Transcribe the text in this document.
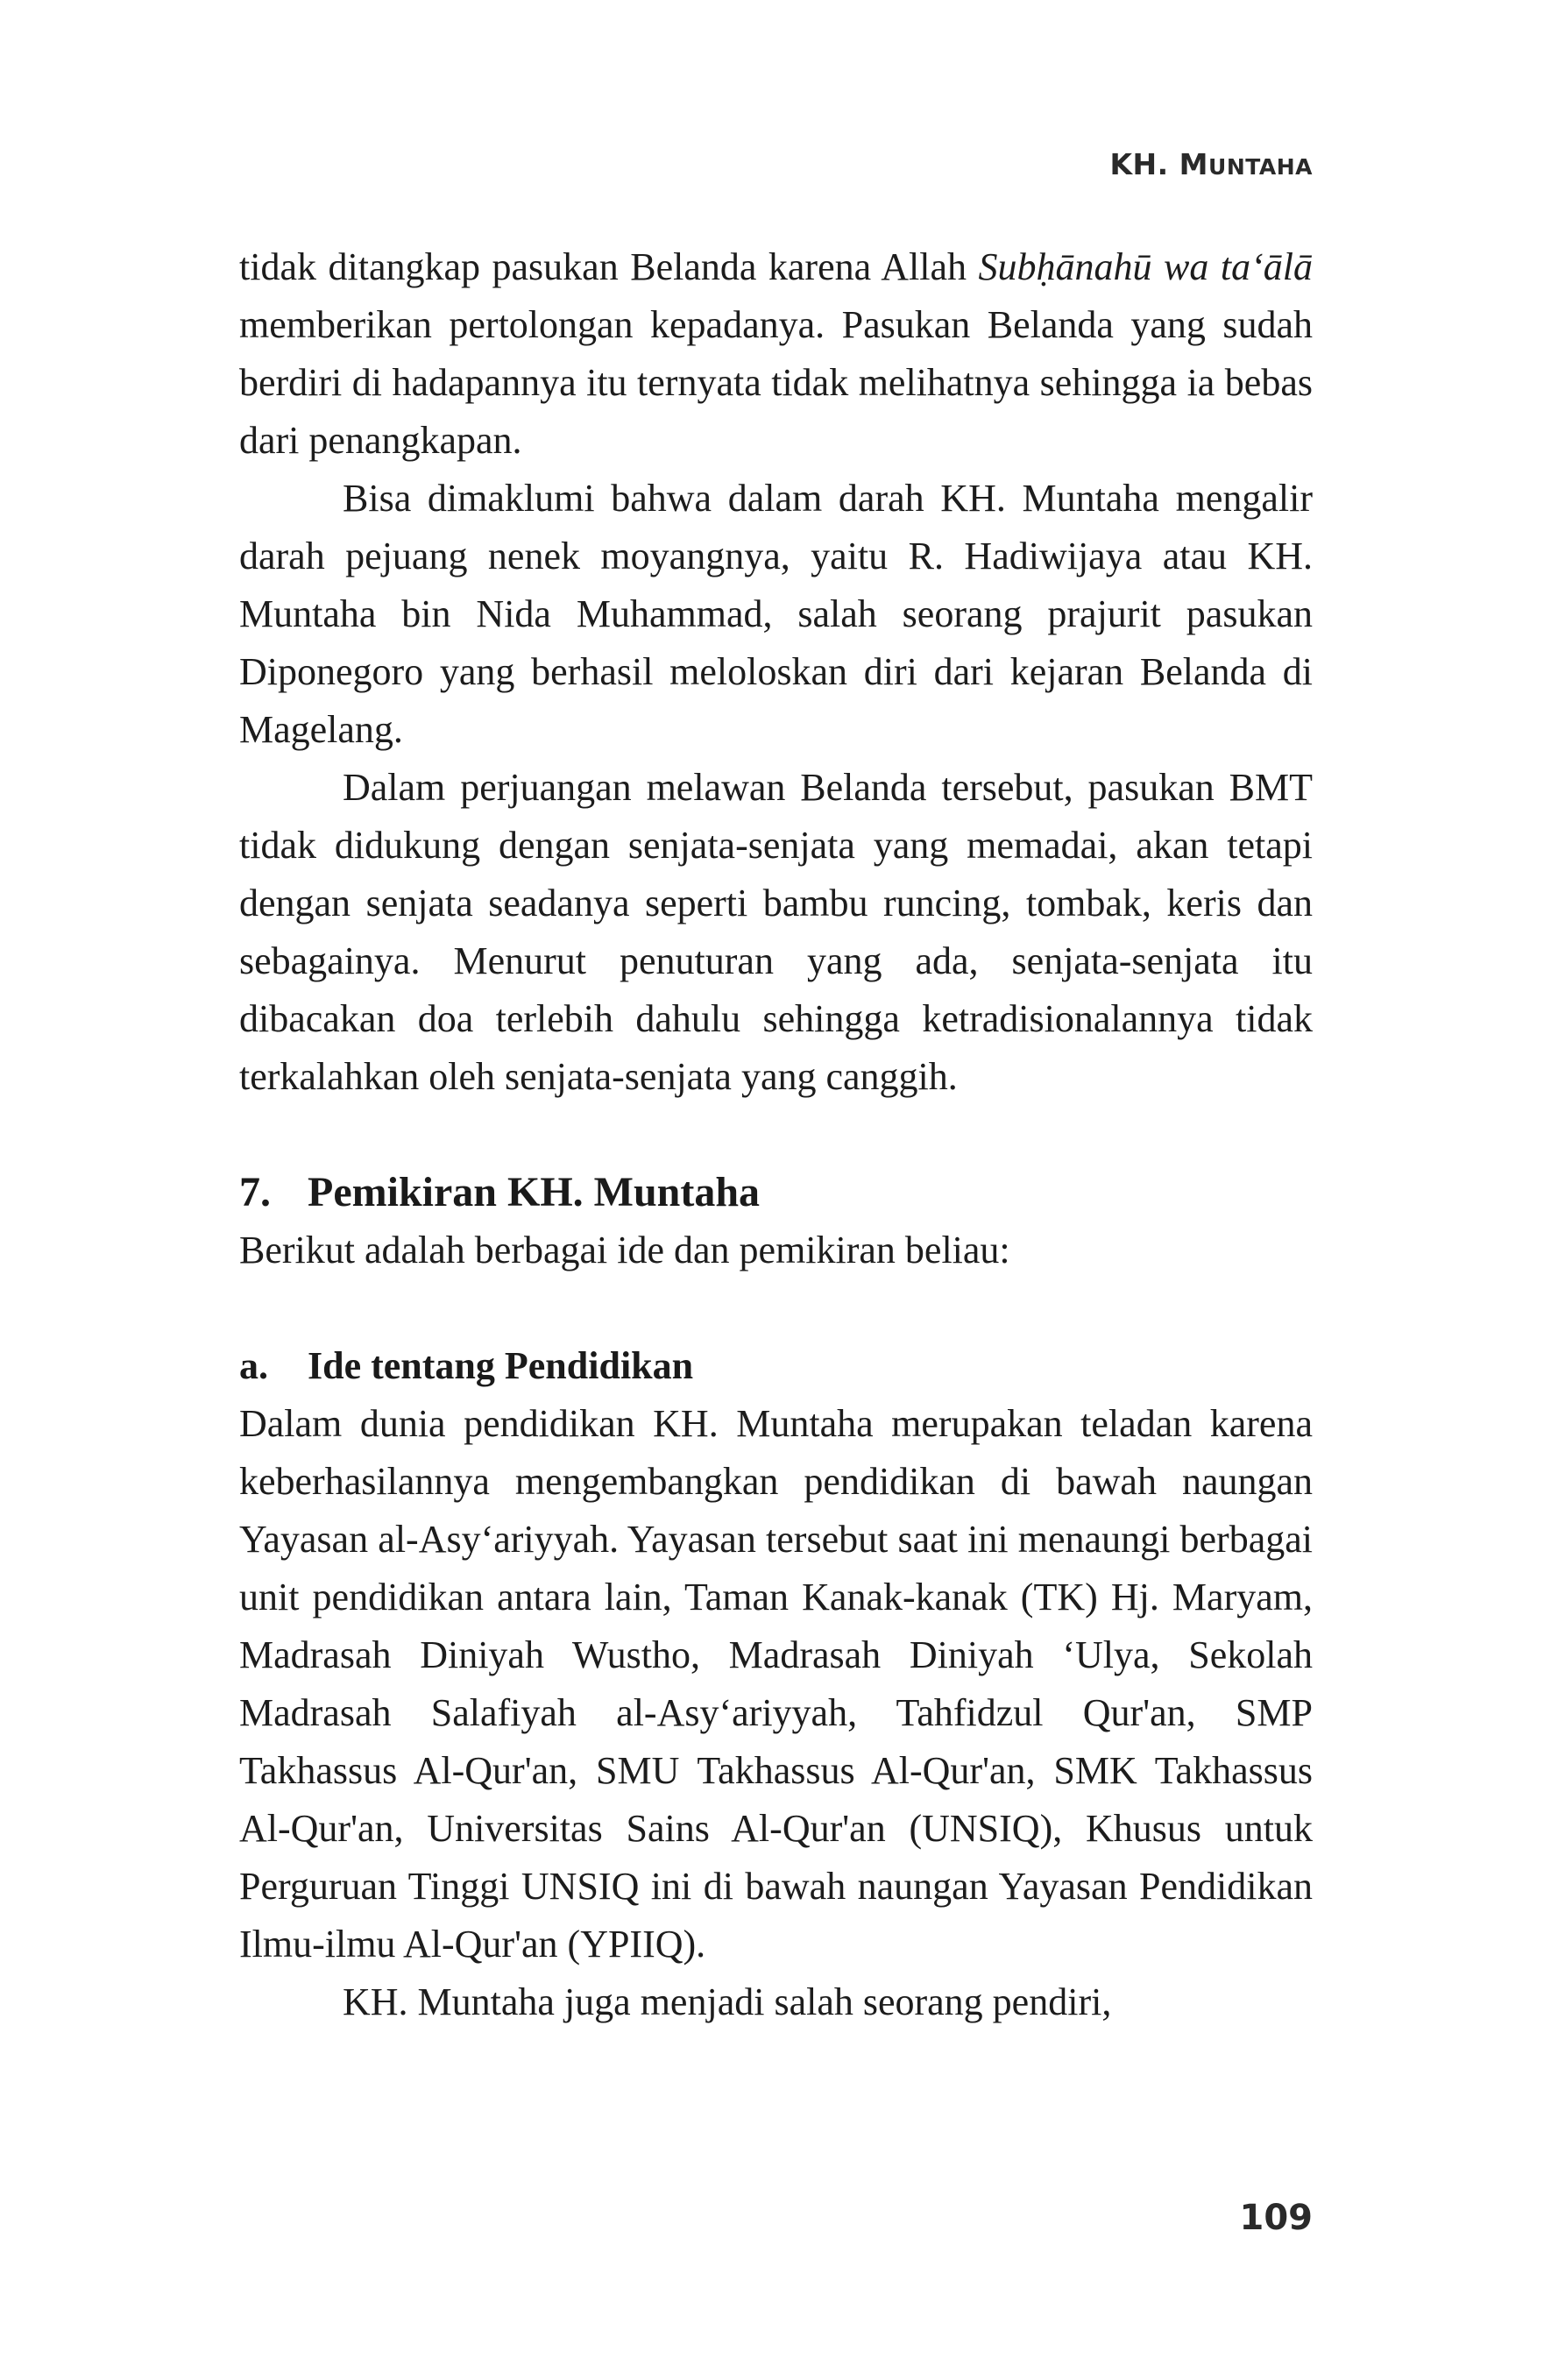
KH. MUNTAHA

tidak ditangkap pasukan Belanda karena Allah Subḥānahū wa ta‘ālā memberikan pertolongan kepadanya. Pasukan Belanda yang sudah berdiri di hadapannya itu ternyata tidak melihatnya sehingga ia bebas dari penangkapan.

Bisa dimaklumi bahwa dalam darah KH. Muntaha mengalir darah pejuang nenek moyangnya, yaitu R. Hadiwijaya atau KH. Muntaha bin Nida Muhammad, salah seorang prajurit pasukan Diponegoro yang berhasil meloloskan diri dari kejaran Belanda di Magelang.

Dalam perjuangan melawan Belanda tersebut, pasukan BMT tidak didukung dengan senjata-senjata yang memadai, akan tetapi dengan senjata seadanya seperti bambu runcing, tombak, keris dan sebagainya. Menurut penuturan yang ada, senjata-senjata itu dibacakan doa terlebih dahulu sehingga ketradisionalannya tidak terkalahkan oleh senjata-senjata yang canggih.

7. Pemikiran KH. Muntaha

Berikut adalah berbagai ide dan pemikiran beliau:

a. Ide tentang Pendidikan

Dalam dunia pendidikan KH. Muntaha merupakan teladan karena keberhasilannya mengembangkan pendidikan di bawah naungan Yayasan al-Asy‘ariyyah. Yayasan tersebut saat ini menaungi berbagai unit pendidikan antara lain, Taman Kanak-kanak (TK) Hj. Maryam, Madrasah Diniyah Wustho, Madrasah Diniyah ‘Ulya, Sekolah Madrasah Salafiyah al-Asy‘ariyyah, Tahfidzul Qur'an, SMP Takhassus Al-Qur'an, SMU Takhassus Al-Qur'an, SMK Takhassus Al-Qur'an, Universitas Sains Al-Qur'an (UNSIQ), Khusus untuk Perguruan Tinggi UNSIQ ini di bawah naungan Yayasan Pendidikan Ilmu-ilmu Al-Qur'an (YPIIQ).

KH. Muntaha juga menjadi salah seorang pendiri,

109
